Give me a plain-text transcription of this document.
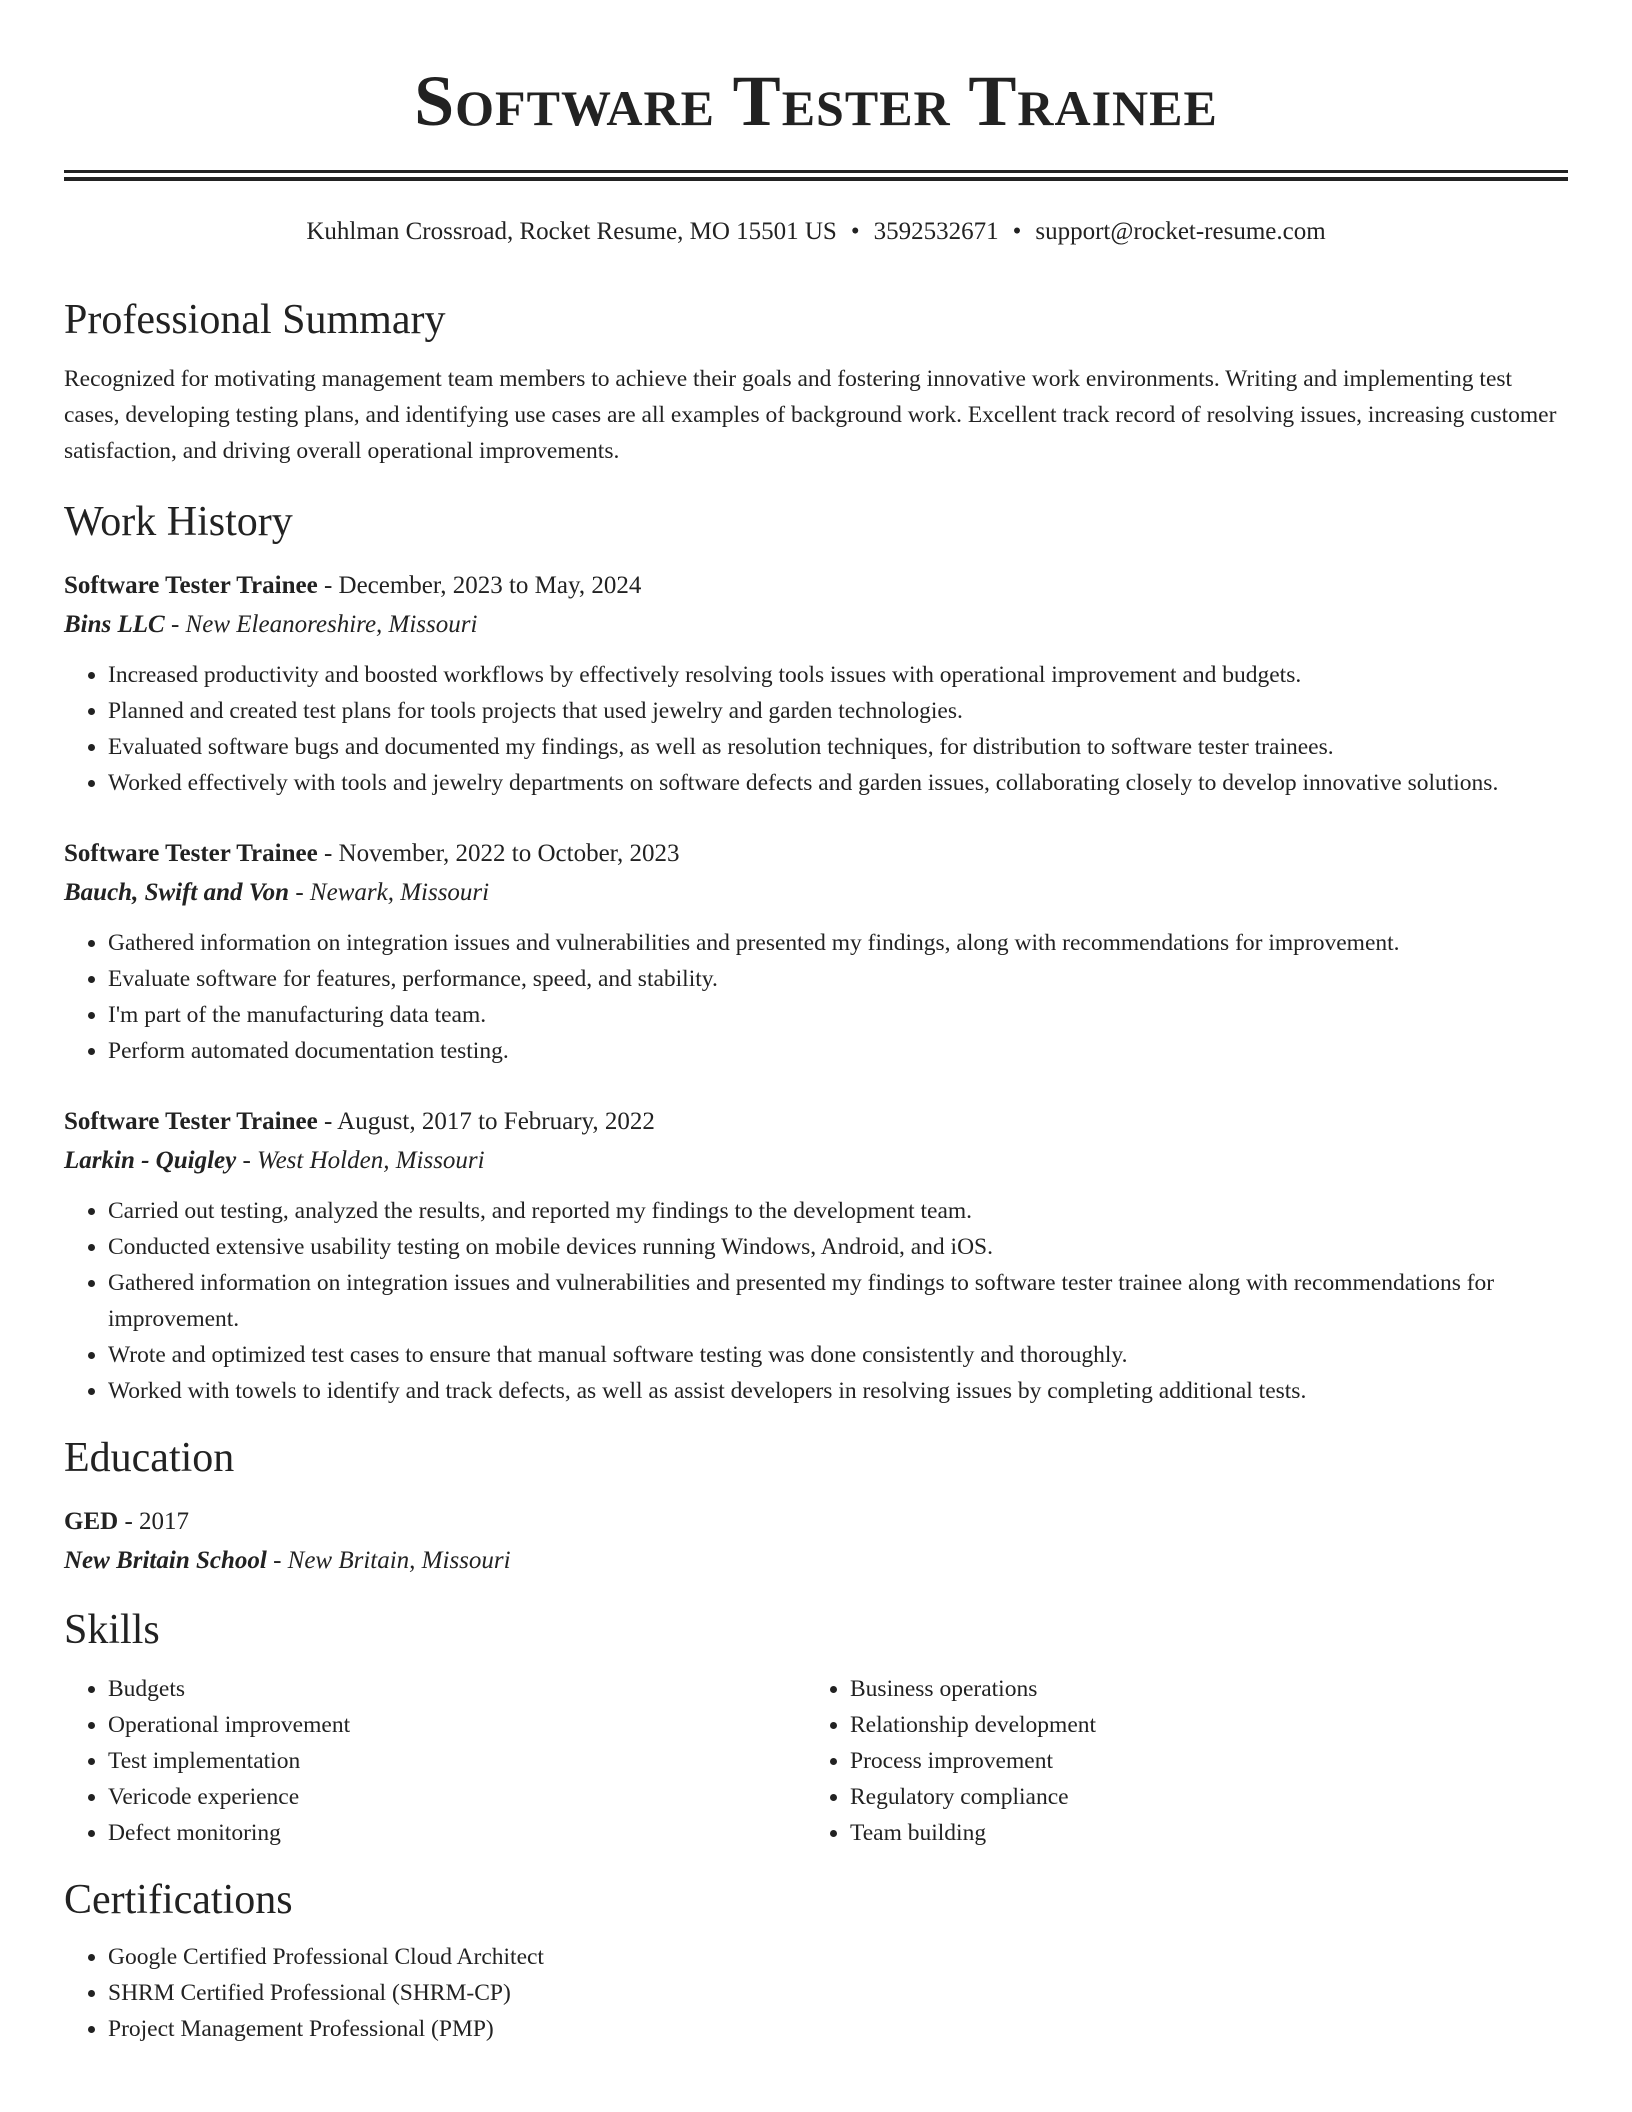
Software Tester Trainee
Kuhlman Crossroad, Rocket Resume, MO 15501 US • 3592532671 • support@rocket-resume.com
Professional Summary

Recognized for motivating management team members to achieve their goals and fostering innovative work environments. Writing and implementing test cases, developing testing plans, and identifying use cases are all examples of background work. Excellent track record of resolving issues, increasing customer satisfaction, and driving overall operational improvements.

Work History
Software Tester Trainee - December, 2023 to May, 2024
Bins LLC - New Eleanoreshire, Missouri
• Increased productivity and boosted workflows by effectively resolving tools issues with operational improvement and budgets.
• Planned and created test plans for tools projects that used jewelry and garden technologies.
• Evaluated software bugs and documented my findings, as well as resolution techniques, for distribution to software tester trainees.
• Worked effectively with tools and jewelry departments on software defects and garden issues, collaborating closely to develop innovative solutions.
Software Tester Trainee - November, 2022 to October, 2023
Bauch, Swift and Von - Newark, Missouri
• Gathered information on integration issues and vulnerabilities and presented my findings, along with recommendations for improvement.
• Evaluate software for features, performance, speed, and stability.
• I'm part of the manufacturing data team.
• Perform automated documentation testing.
Software Tester Trainee - August, 2017 to February, 2022
Larkin - Quigley - West Holden, Missouri
• Carried out testing, analyzed the results, and reported my findings to the development team.
• Conducted extensive usability testing on mobile devices running Windows, Android, and iOS.
• Gathered information on integration issues and vulnerabilities and presented my findings to software tester trainee along with recommendations for improvement.
• Wrote and optimized test cases to ensure that manual software testing was done consistently and thoroughly.
• Worked with towels to identify and track defects, as well as assist developers in resolving issues by completing additional tests.
Education
GED - 2017
New Britain School - New Britain, Missouri
Skills
• Budgets
• Operational improvement
• Test implementation
• Vericode experience
• Defect monitoring
• Business operations
• Relationship development
• Process improvement
• Regulatory compliance
• Team building
Certifications
• Google Certified Professional Cloud Architect
• SHRM Certified Professional (SHRM-CP)
• Project Management Professional (PMP)
